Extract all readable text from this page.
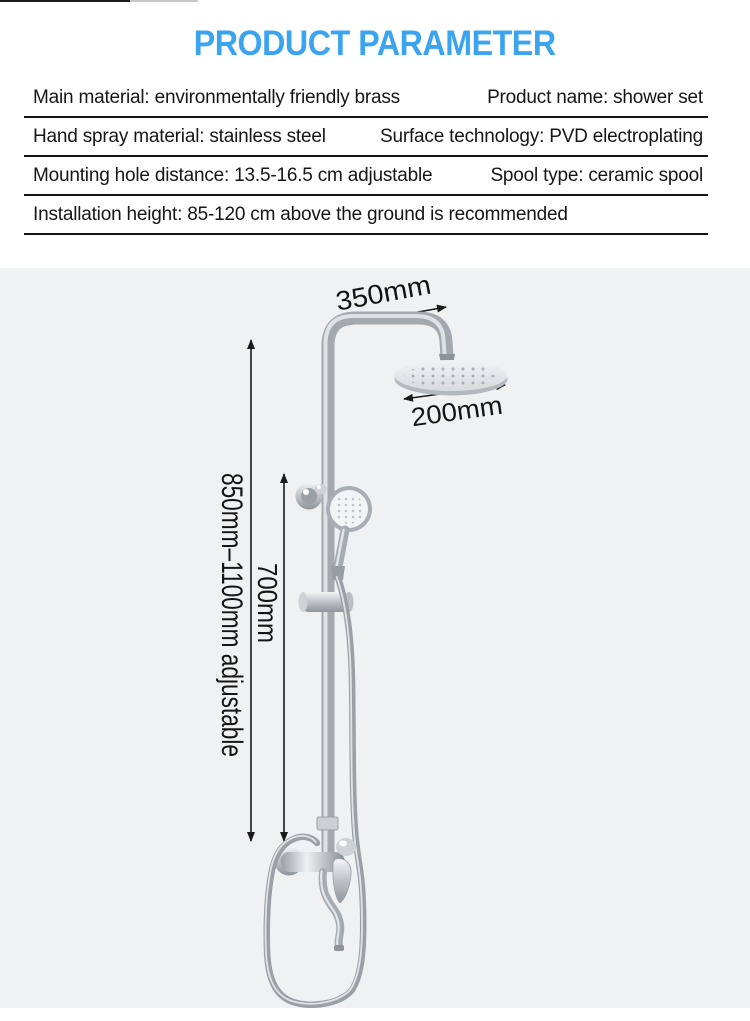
PRODUCT PARAMETER
Main material: environmentally friendly brass	Product name: shower set
Hand spray material: stainless steel	Surface technology: PVD electroplating
Mounting hole distance: 13.5-16.5 cm adjustable	Spool type: ceramic spool
Installation height: 85-120 cm above the ground is recommended
350mm
200mm
850mm–1100mm adjustable 700mm
